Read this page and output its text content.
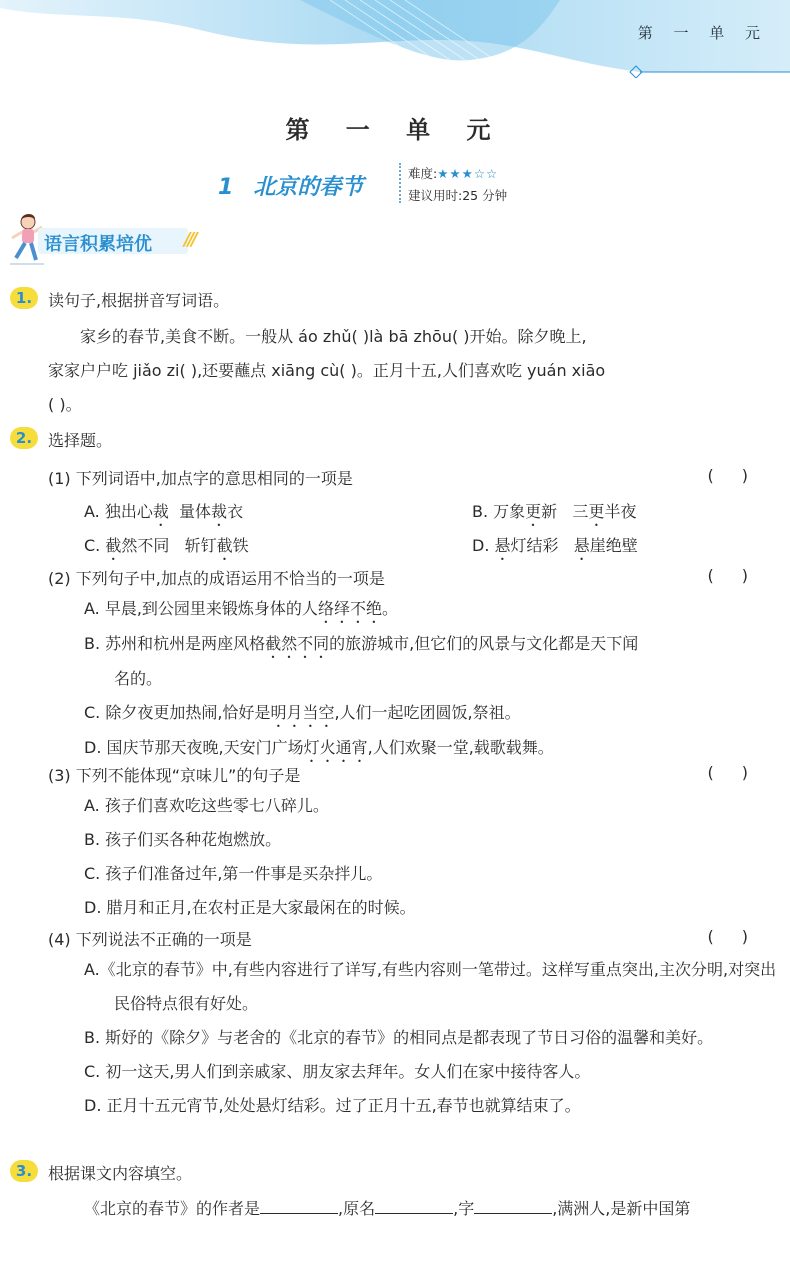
第 一 单 元
第 一 单 元
1 北京的春节
难度:★★★☆☆
建议用时:25 分钟
语言积累培优 ///
1. 读句子,根据拼音写词语。
家乡的春节,美食不断。一般从 áo zhǔ( )là bā zhōu( )开始。除夕晚上,
家家户户吃 jiǎo zi( ),还要蘸点 xiāng cù( )。正月十五,人们喜欢吃 yuán xiāo
( )。
2. 选择题。
(1) 下列词语中,加点字的意思相同的一项是	()
A. 独出心裁  量体裁衣	B. 万象更新   三更半夜
C. 截然不同   斩钉截铁	D. 悬灯结彩   悬崖绝壁
(2) 下列句子中,加点的成语运用不恰当的一项是	()
A. 早晨,到公园里来锻炼身体的人络绎不绝。
B. 苏州和杭州是两座风格截然不同的旅游城市,但它们的风景与文化都是天下闻
名的。
C. 除夕夜更加热闹,恰好是明月当空,人们一起吃团圆饭,祭祖。
D. 国庆节那天夜晚,天安门广场灯火通宵,人们欢聚一堂,载歌载舞。
(3) 下列不能体现“京味儿”的句子是	()
A. 孩子们喜欢吃这些零七八碎儿。
B. 孩子们买各种花炮燃放。
C. 孩子们准备过年,第一件事是买杂拌儿。
D. 腊月和正月,在农村正是大家最闲在的时候。
(4) 下列说法不正确的一项是	()
A.《北京的春节》中,有些内容进行了详写,有些内容则一笔带过。这样写重点突出,主次分明,对突出民俗特点很有好处。
B. 斯妤的《除夕》与老舍的《北京的春节》的相同点是都表现了节日习俗的温馨和美好。
C. 初一这天,男人们到亲戚家、朋友家去拜年。女人们在家中接待客人。
D. 正月十五元宵节,处处悬灯结彩。过了正月十五,春节也就算结束了。
3. 根据课文内容填空。
《北京的春节》的作者是	,原名	,字	,满洲人,是新中国第
